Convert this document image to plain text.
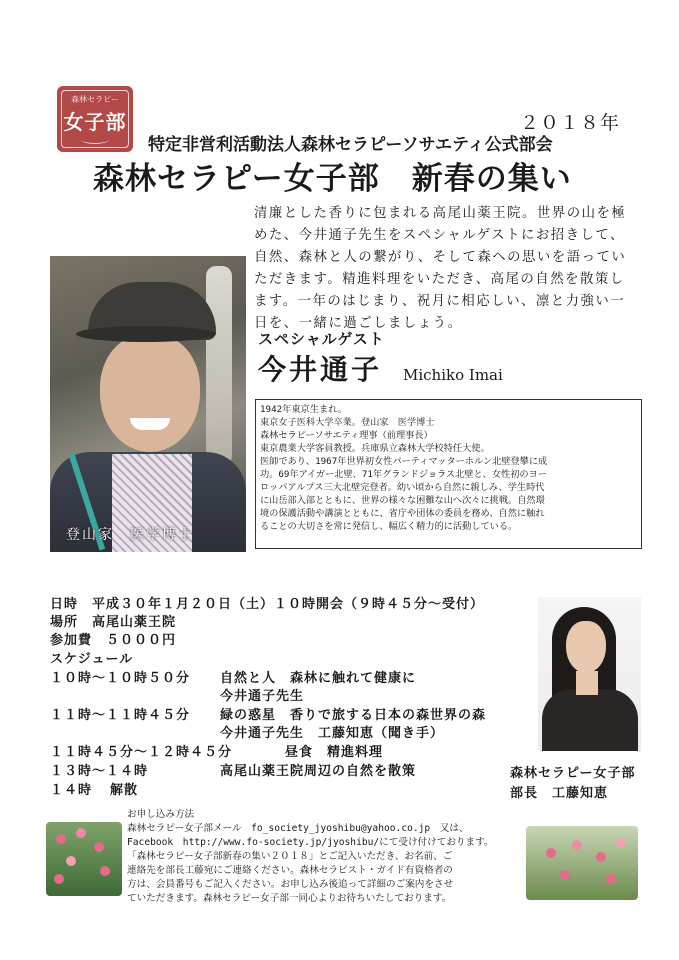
森林セラピー
女子部	２０１８年
特定非営利活動法人森林セラピーソサエティ公式部会
森林セラピー女子部　新春の集い
清廉とした香りに包まれる高尾山薬王院。世界の山を極
めた、今井通子先生をスペシャルゲストにお招きして、
自然、森林と人の繋がり、そして森への思いを語ってい
ただきます。精進料理をいただき、高尾の自然を散策し
ます。一年のはじまり、祝月に相応しい、凛と力強い一
日を、一緒に過ごしましょう。
登山家　医学博士
スペシャルゲスト
今井通子 Michiko Imai
1942年東京生まれ。
東京女子医科大学卒業。登山家　医学博士
森林セラピーソサエティ理事（前理事長）
東京農業大学客員教授。兵庫県立森林大学校特任大使。
医師であり、1967年世界初女性パーティマッターホルン北壁登攀に成
功。69年アイガー北壁、71年グランドジョラス北壁と、女性初のヨー
ロッパアルプス三大北壁完登者。幼い頃から自然に親しみ、学生時代
に山岳部入部とともに、世界の様々な困難な山へ次々に挑戦。自然環
境の保護活動や講演とともに、省庁や団体の委員を務め、自然に触れ
ることの大切さを常に発信し、幅広く精力的に活動している。
日時 平成３０年１月２０日（土）１０時開会（９時４５分～受付）
場所 高尾山薬王院
参加費 ５０００円
スケジュール
１０時～１０時５０分 自然と人　森林に触れて健康に
今井通子先生
１１時～１１時４５分 緑の惑星　香りで旅する日本の森世界の森
今井通子先生　工藤知恵（聞き手）
１１時４５分～１２時４５分	昼食　精進料理
１３時～１４時	高尾山薬王院周辺の自然を散策
１４時 解散
森林セラピー女子部
部長　工藤知恵
お申し込み方法
森林セラピー女子部メール　fo_society_jyoshibu@yahoo.co.jp　又は、
Facebook　http://www.fo-society.jp/jyoshibu/にて受け付けております。
「森林セラピー女子部新春の集い２０１８」とご記入いただき、お名前、ご
連絡先を部長工藤宛にご連絡ください。森林セラピスト・ガイド有資格者の
方は、会員番号もご記入ください。お申し込み後追って詳細のご案内をさせ
ていただきます。森林セラピー女子部一同心よりお待ちいたしております。
